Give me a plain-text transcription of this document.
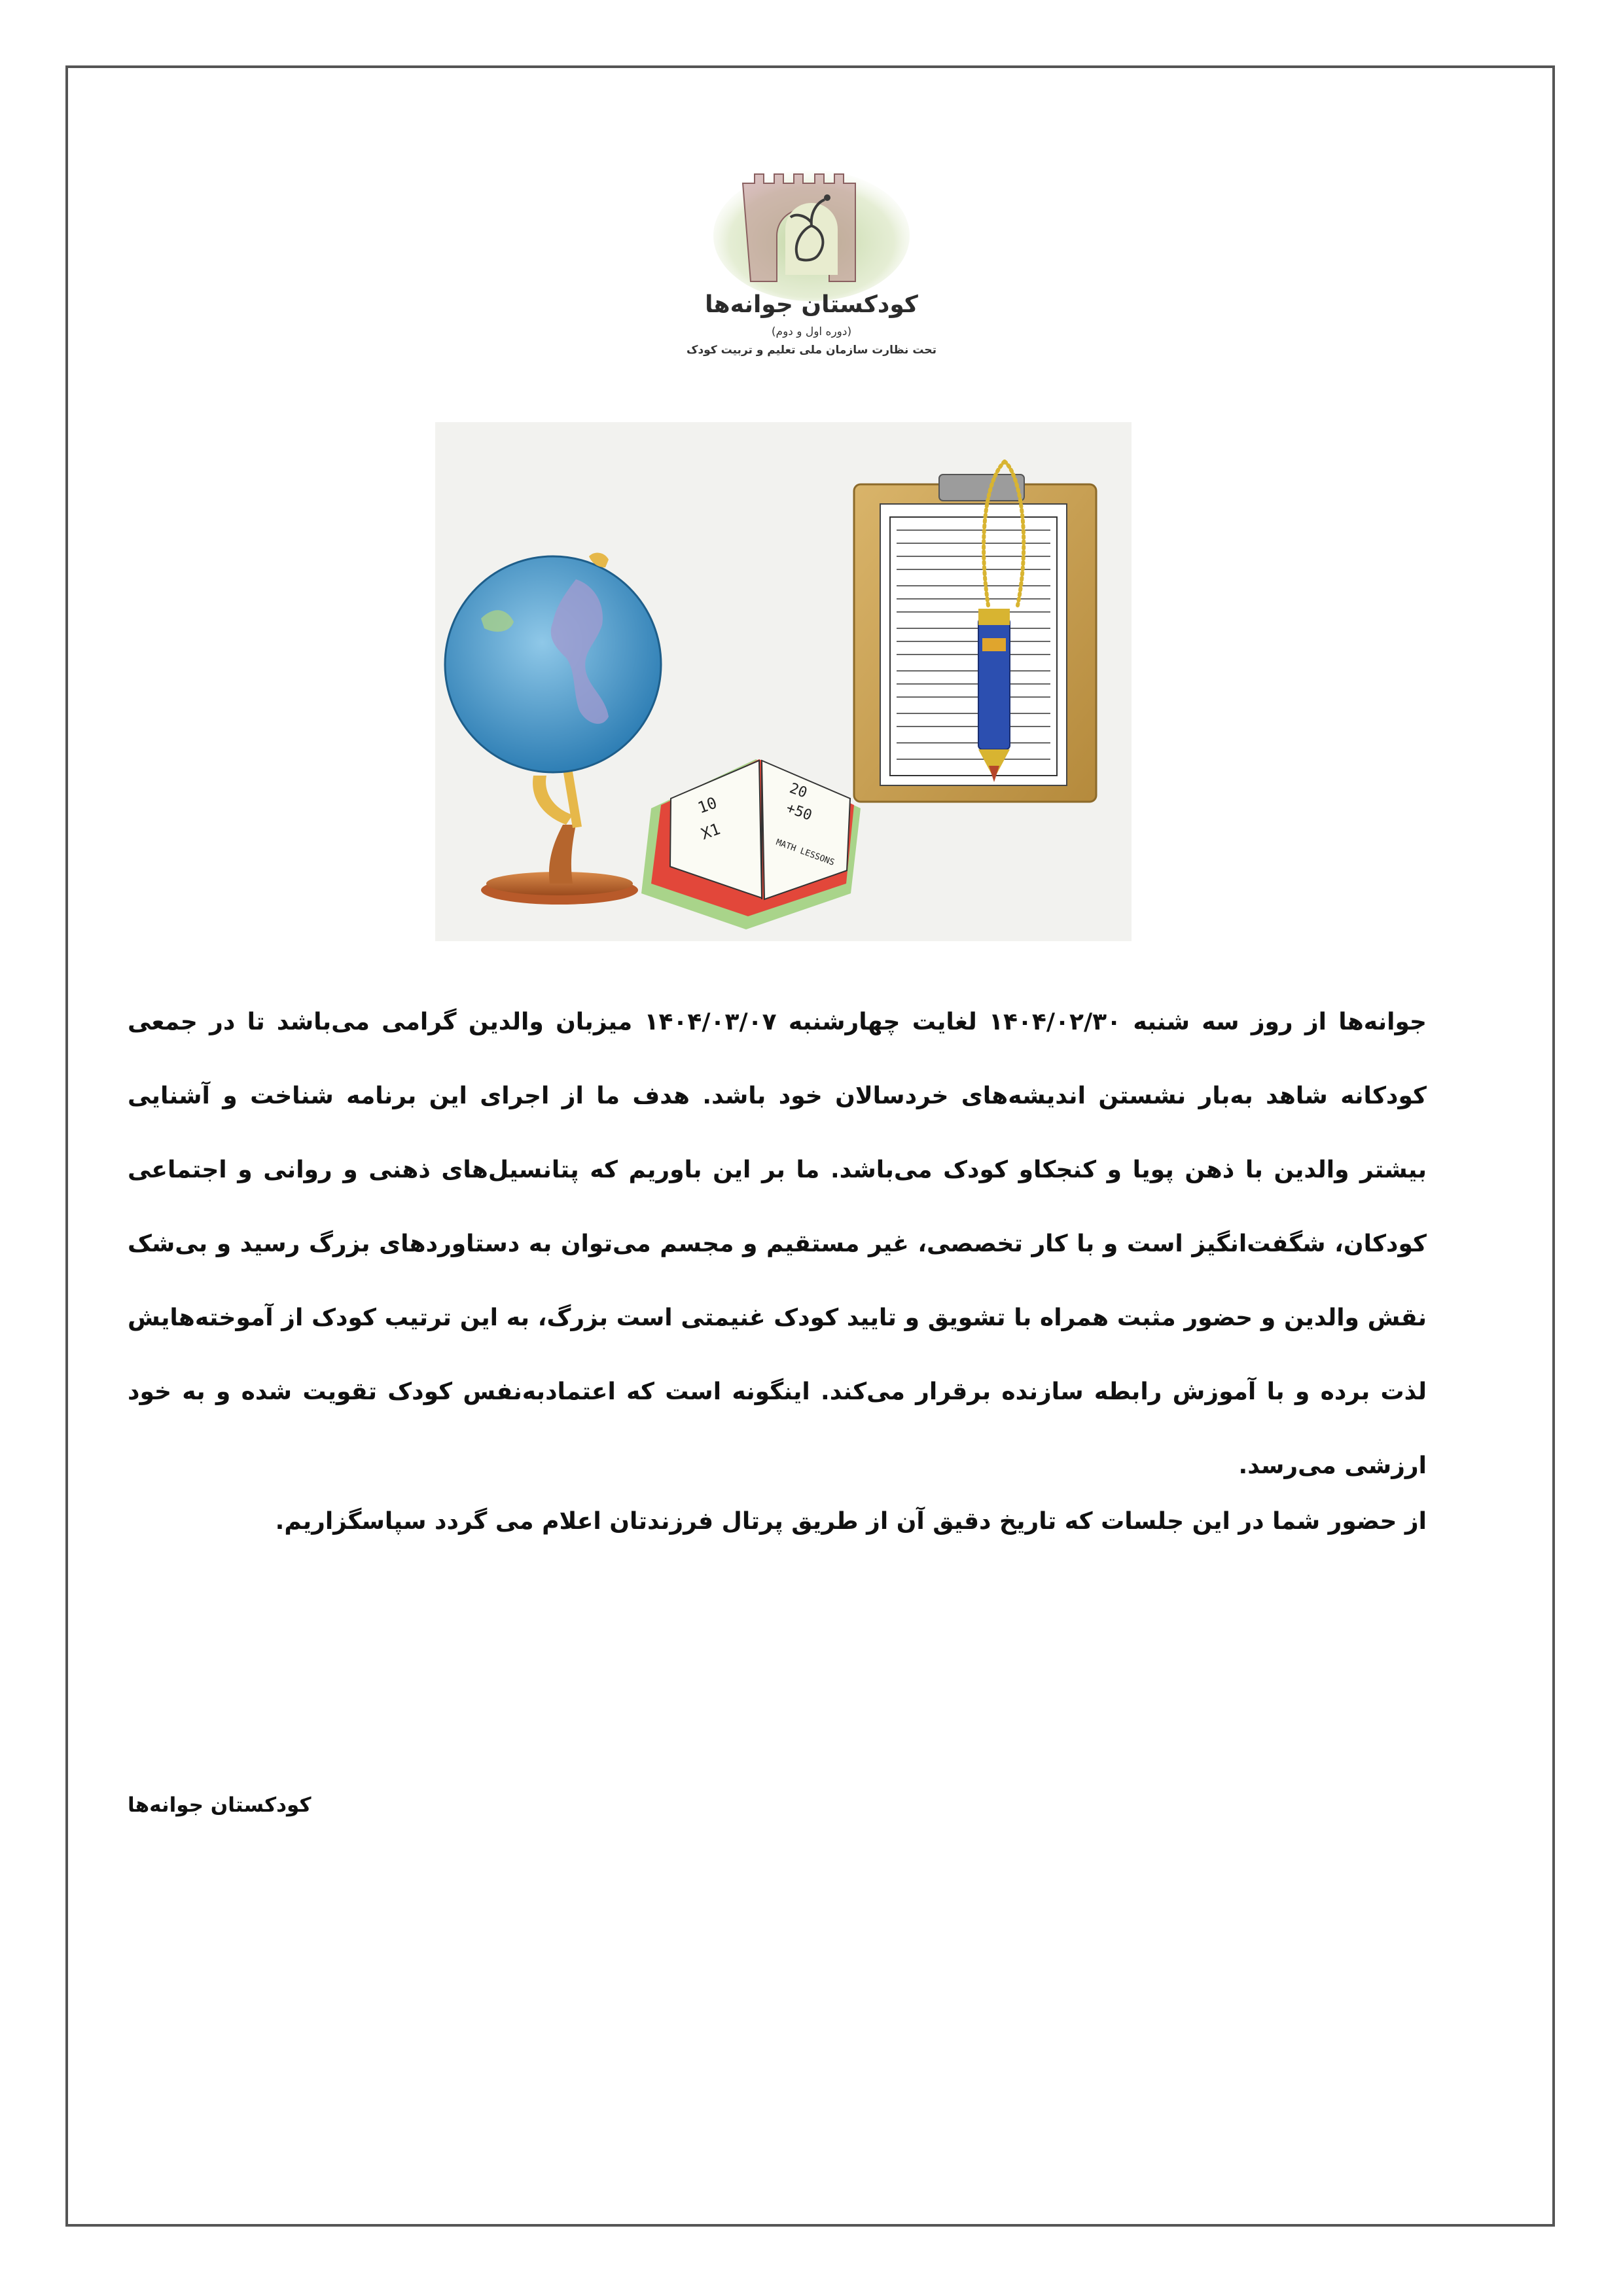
کودکستان جوانه‌ها
(دوره اول و دوم)
تحت نظارت سازمان ملی تعلیم و تربیت کودک
10
X1
20
+50
MATH LESSONS

جوانه‌ها از روز سه شنبه ۱۴۰۴/۰۲/۳۰ لغایت چهارشنبه ۱۴۰۴/۰۳/۰۷ میزبان والدین گرامی می‌باشد تا در جمعی کودکانه شاهد به‌بار نشستن اندیشه‌های خردسالان خود باشد. هدف ما از اجرای این برنامه شناخت و آشنایی بیشتر والدین با ذهن پویا و کنجکاو کودک می‌باشد. ما بر این باوریم که پتانسیل‌های ذهنی و روانی و اجتماعی کودکان، شگفت‌انگیز است و با کار تخصصی، غیر مستقیم و مجسم می‌توان به دستاوردهای بزرگ رسید و بی‌شک نقش والدین و حضور مثبت همراه با تشویق و تایید کودک غنیمتی است بزرگ، به این ترتیب کودک از آموخته‌هایش لذت برده و با آموزش رابطه سازنده برقرار می‌کند. اینگونه است که اعتمادبه‌نفس کودک تقویت شده و به خود ارزشی می‌رسد.

از حضور شما در این جلسات که تاریخ دقیق آن از طریق پرتال فرزندتان اعلام می گردد سپاسگزاریم.

کودکستان جوانه‌ها
